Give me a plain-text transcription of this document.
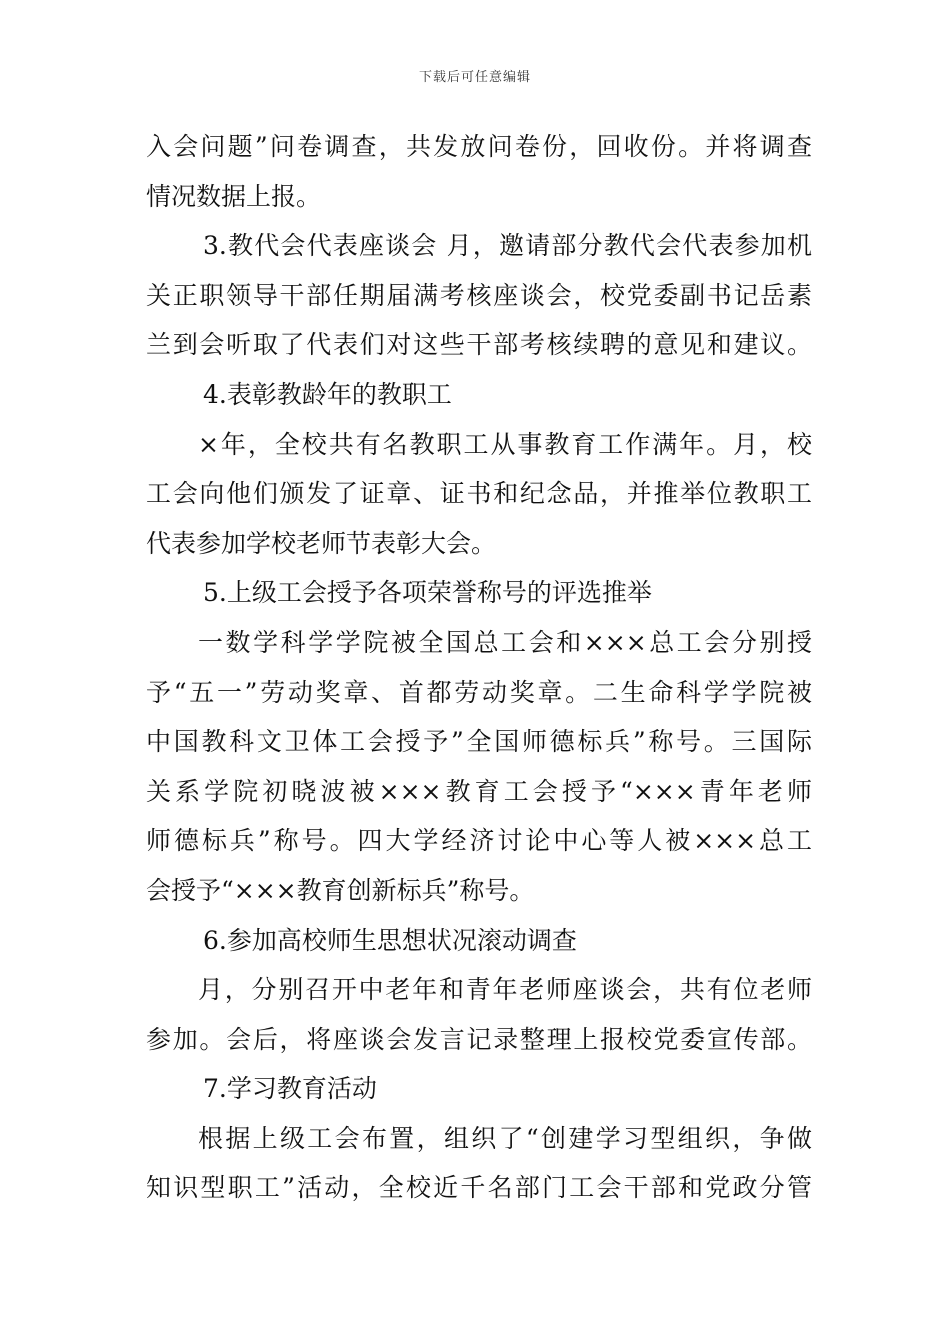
下载后可任意编辑
入会问题”问卷调查，共发放问卷份，回收份。并将调查
情况数据上报。
3.教代会代表座谈会 月，邀请部分教代会代表参加机
关正职领导干部任期届满考核座谈会，校党委副书记岳素
兰到会听取了代表们对这些干部考核续聘的意见和建议。
4.表彰教龄年的教职工
×年，全校共有名教职工从事教育工作满年。月，校
工会向他们颁发了证章、证书和纪念品，并推举位教职工
代表参加学校老师节表彰大会。
5.上级工会授予各项荣誉称号的评选推举
一数学科学学院被全国总工会和×××总工会分别授
予“五一”劳动奖章、首都劳动奖章。二生命科学学院被
中国教科文卫体工会授予”全国师德标兵”称号。三国际
关系学院初晓波被×××教育工会授予“×××青年老师
师德标兵”称号。四大学经济讨论中心等人被×××总工
会授予“×××教育创新标兵”称号。
6.参加高校师生思想状况滚动调查
月，分别召开中老年和青年老师座谈会，共有位老师
参加。会后，将座谈会发言记录整理上报校党委宣传部。
7.学习教育活动
根据上级工会布置，组织了“创建学习型组织，争做
知识型职工”活动，全校近千名部门工会干部和党政分管
